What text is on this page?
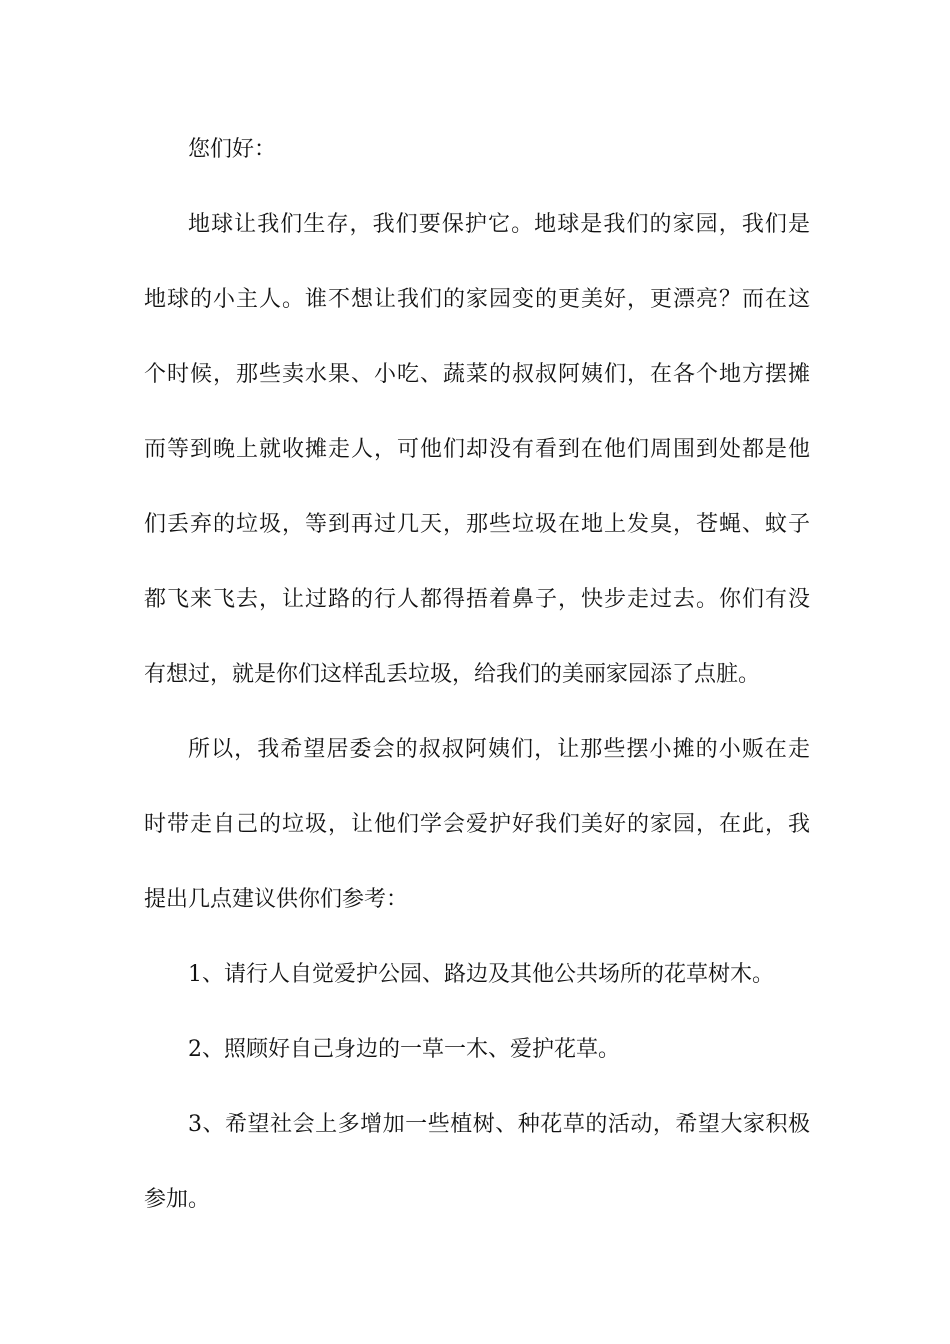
您们好：
地球让我们生存，我们要保护它。地球是我们的家园，我们是
地球的小主人。谁不想让我们的家园变的更美好，更漂亮？而在这
个时候，那些卖水果、小吃、蔬菜的叔叔阿姨们，在各个地方摆摊
而等到晚上就收摊走人，可他们却没有看到在他们周围到处都是他
们丢弃的垃圾，等到再过几天，那些垃圾在地上发臭，苍蝇、蚊子
都飞来飞去，让过路的行人都得捂着鼻子，快步走过去。你们有没
有想过，就是你们这样乱丢垃圾，给我们的美丽家园添了点脏。
所以，我希望居委会的叔叔阿姨们，让那些摆小摊的小贩在走
时带走自己的垃圾，让他们学会爱护好我们美好的家园，在此，我
提出几点建议供你们参考：
1、请行人自觉爱护公园、路边及其他公共场所的花草树木。
2、照顾好自己身边的一草一木、爱护花草。
3、希望社会上多增加一些植树、种花草的活动，希望大家积极
参加。
